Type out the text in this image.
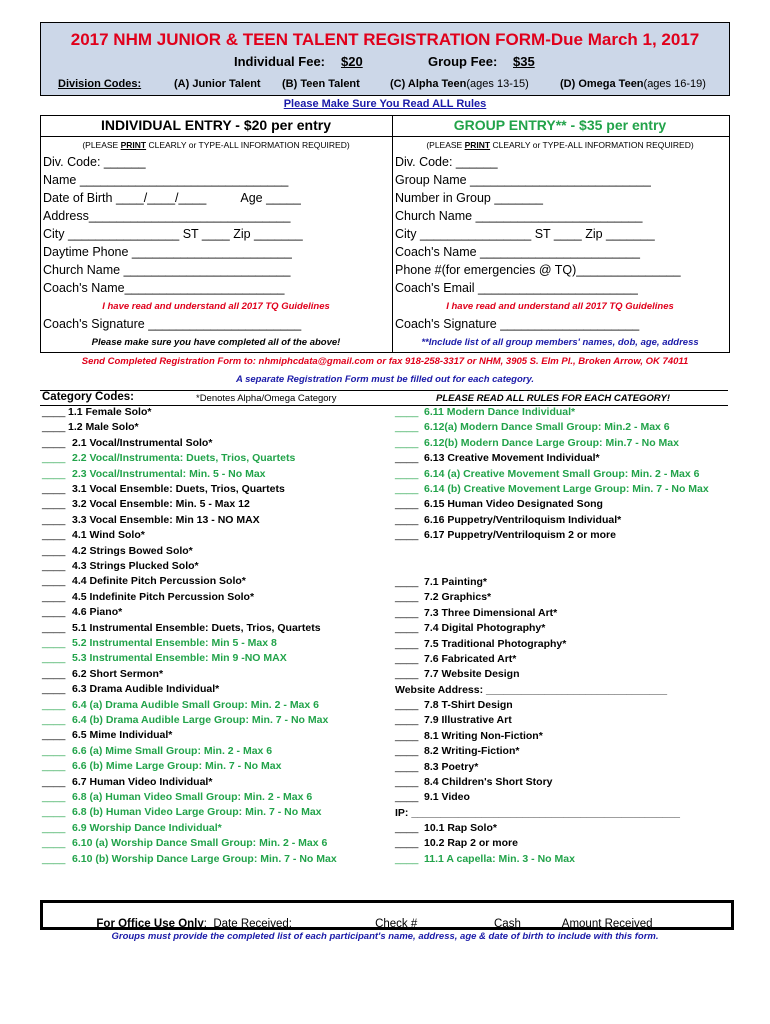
2017 NHM JUNIOR & TEEN TALENT REGISTRATION FORM-Due March 1, 2017
Individual Fee: $20	Group Fee: $35
Division Codes:	(A) Junior Talent (B) Teen Talent	(C) Alpha Teen(ages 13-15)	(D) Omega Teen(ages 16-19)
Please Make Sure You Read ALL Rules
INDIVIDUAL ENTRY - $20 per entry	GROUP ENTRY** - $35 per entry
(PLEASE PRINT CLEARLY or TYPE-ALL INFORMATION REQUIRED)	(PLEASE PRINT CLEARLY or TYPE-ALL INFORMATION REQUIRED)
Div. Code: ______
Name ______________________________
Date of Birth ____/____/____          Age _____
Address_____________________________
City ________________ ST ____ Zip _______
Daytime Phone _______________________
Church Name ________________________
Coach's Name_______________________
I have read and understand all 2017 TQ Guidelines
Coach's Signature ______________________
Please make sure you have completed all of the above!
Div. Code: ______
Group Name __________________________
Number in Group _______
Church Name ________________________
City ________________ ST ____ Zip _______
Coach's Name _______________________
Phone #(for emergencies @ TQ)_______________
Coach's Email _______________________
I have read and understand all 2017 TQ Guidelines
Coach's Signature ____________________
**Include list of all group members' names, dob, age, address
Send Completed Registration Form to: nhmiphcdata@gmail.com or fax 918-258-3317 or NHM, 3905 S. Elm Pl., Broken Arrow, OK 74011
A separate Registration Form must be filled out for each category.
Category Codes:	*Denotes Alpha/Omega Category	PLEASE READ ALL RULES FOR EACH CATEGORY!
____ 1.1 Female Solo*
____ 1.2 Male Solo*
____ 2.1 Vocal/Instrumental Solo*
____ 2.2 Vocal/Instrumenta: Duets, Trios, Quartets
____ 2.3 Vocal/Instrumental: Min. 5 - No Max
____ 3.1 Vocal Ensemble: Duets, Trios, Quartets
____ 3.2 Vocal Ensemble: Min. 5 - Max 12
____ 3.3 Vocal Ensemble: Min 13 - NO MAX
____ 4.1 Wind Solo*
____ 4.2 Strings Bowed Solo*
____ 4.3 Strings Plucked Solo*
____ 4.4 Definite Pitch Percussion Solo*
____ 4.5 Indefinite Pitch Percussion Solo*
____ 4.6 Piano*
____ 5.1 Instrumental Ensemble: Duets, Trios, Quartets
____ 5.2 Instrumental Ensemble: Min 5 - Max 8
____ 5.3 Instrumental Ensemble: Min 9 -NO MAX
____ 6.2 Short Sermon*
____ 6.3 Drama Audible Individual*
____ 6.4 (a) Drama Audible Small Group: Min. 2 - Max 6
____ 6.4 (b) Drama Audible Large Group: Min. 7 - No Max
____ 6.5 Mime Individual*
____ 6.6 (a) Mime Small Group: Min. 2 - Max 6
____ 6.6 (b) Mime Large Group: Min. 7 - No Max
____ 6.7 Human Video Individual*
____ 6.8 (a) Human Video Small Group: Min. 2 - Max 6
____ 6.8 (b) Human Video Large Group: Min. 7 - No Max
____ 6.9 Worship Dance Individual*
____ 6.10 (a) Worship Dance Small Group: Min. 2 - Max 6
____ 6.10 (b) Worship Dance Large Group: Min. 7 - No Max
____ 6.11 Modern Dance Individual*
____ 6.12(a) Modern Dance Small Group: Min.2 - Max 6
____ 6.12(b) Modern Dance Large Group: Min.7 - No Max
____ 6.13 Creative Movement Individual*
____ 6.14 (a) Creative Movement Small Group: Min. 2 - Max 6
____ 6.14 (b) Creative Movement Large Group: Min. 7 - No Max
____ 6.15 Human Video Designated Song
____ 6.16 Puppetry/Ventriloquism Individual*
____ 6.17 Puppetry/Ventriloquism 2 or more
____ 7.1 Painting*
____ 7.2 Graphics*
____ 7.3 Three Dimensional Art*
____ 7.4 Digital Photography*
____ 7.5 Traditional Photography*
____ 7.6 Fabricated Art*
____ 7.7 Website Design
____ 7.8 T-Shirt Design
____ 7.9 Illustrative Art
____ 8.1 Writing Non-Fiction*
____ 8.2 Writing-Fiction*
____ 8.3 Poetry*
____ 8.4 Children's Short Story
____ 9.1 Video
____ 10.1 Rap Solo*
____ 10.2 Rap 2 or more
____ 11.1 A capella: Min. 3 - No Max
Website Address: _______________________________
IP: ______________________________________________

For Office Use Only:  Date Received: __________     Check # _________     Cash ____    Amount Received _________

Groups must provide the completed list of each participant's name, address, age & date of birth to include with this form.
